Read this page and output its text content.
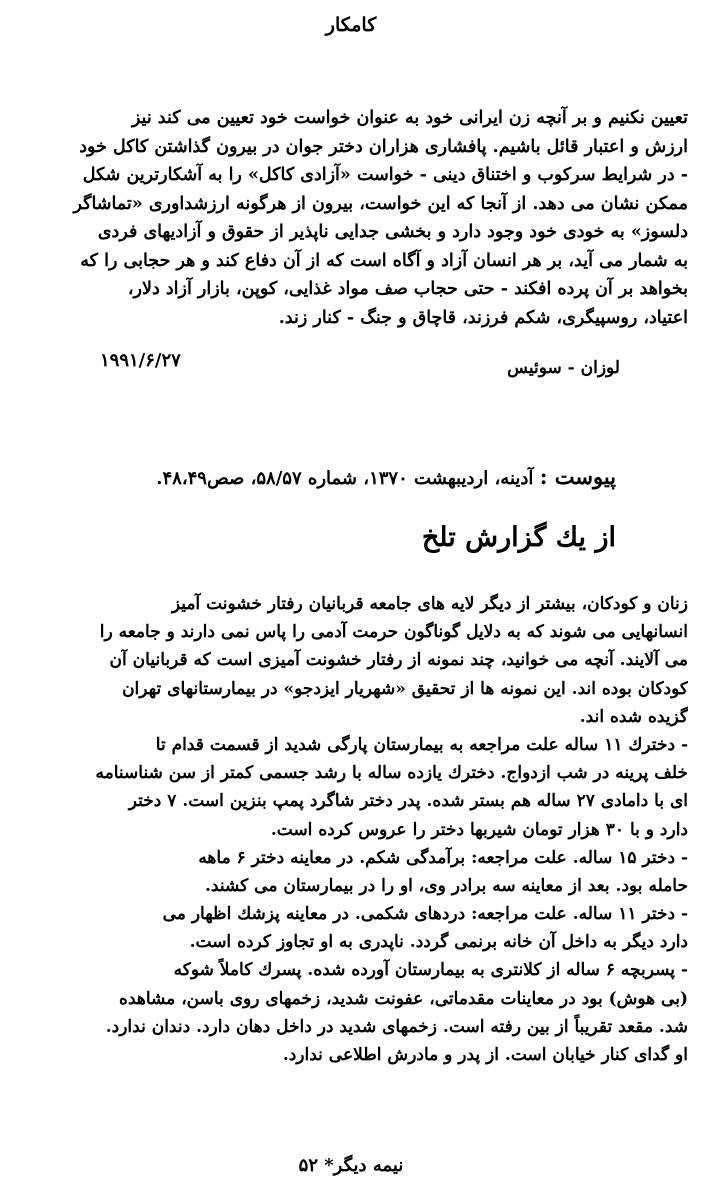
کامکار
تعیین نکنیم و بر آنچه زن ایرانی خود به عنوان خواست خود تعیین می کند نیز
ارزش و اعتبار قائل باشیم. پافشاری هزاران دختر جوان در بیرون گذاشتن کاکل خود
- در شرایط سرکوب و اختناق دینی - خواست «آزادی کاکل» را به آشکارترین شکل
ممکن نشان می دهد. از آنجا که این خواست، بیرون از هرگونه ارزشداوری «تماشاگر
دلسوز» به خودی خود وجود دارد و بخشی جدایی ناپذیر از حقوق و آزادیهای فردی
به شمار می آید، بر هر انسان آزاد و آگاه است که از آن دفاع کند و هر حجابی را که
بخواهد بر آن پرده افکند - حتی حجاب صف مواد غذایی، کوپن، بازار آزاد دلار،
اعتیاد، روسپیگری، شکم فرزند، قاچاق و جنگ - کنار زند.
۱۹۹۱/۶/۲۷	لوزان - سوئیس
پیوست : آدینه، اردیبهشت ۱۳۷۰، شماره ۵۸/۵۷، صص۴۸،۴۹.
از یك گزارش تلخ
زنان و کودکان، بیشتر از دیگر لایه های جامعه قربانیان رفتار خشونت آمیز
انسانهایی می شوند که به دلایل گوناگون حرمت آدمی را پاس نمی دارند و جامعه را
می آلایند. آنچه می خوانید، چند نمونه از رفتار خشونت آمیزی است که قربانیان آن
کودکان بوده اند. این نمونه ها از تحقیق «شهریار ایزدجو» در بیمارستانهای تهران
گزیده شده اند.
- دخترك ۱۱ ساله علت مراجعه به بیمارستان پارگی شدید از قسمت قدام تا
خلف پرینه در شب ازدواج. دخترك یازده ساله با رشد جسمی کمتر از سن شناسنامه
ای با دامادی ۲۷ ساله هم بستر شده. پدر دختر شاگرد پمپ بنزین است. ۷ دختر
دارد و با ۳۰ هزار تومان شیربها دختر را عروس کرده است.
- دختر ۱۵ ساله. علت مراجعه: برآمدگی شکم. در معاینه دختر ۶ ماهه
حامله بود. بعد از معاینه سه برادر وی، او را در بیمارستان می کشند.
- دختر ۱۱ ساله. علت مراجعه: دردهای شکمی. در معاینه پزشك اظهار می
دارد دیگر به داخل آن خانه برنمی گردد. ناپدری به او تجاوز کرده است.
- پسربچه ۶ ساله از کلانتری به بیمارستان آورده شده. پسرك کاملاً شوکه
(بی هوش) بود در معاینات مقدماتی، عفونت شدید، زخمهای روی باسن، مشاهده
شد. مقعد تقریباً از بین رفته است. زخمهای شدید در داخل دهان دارد. دندان ندارد.
او گدای کنار خیابان است. از پدر و مادرش اطلاعی ندارد.
نیمه دیگر* ۵۲
